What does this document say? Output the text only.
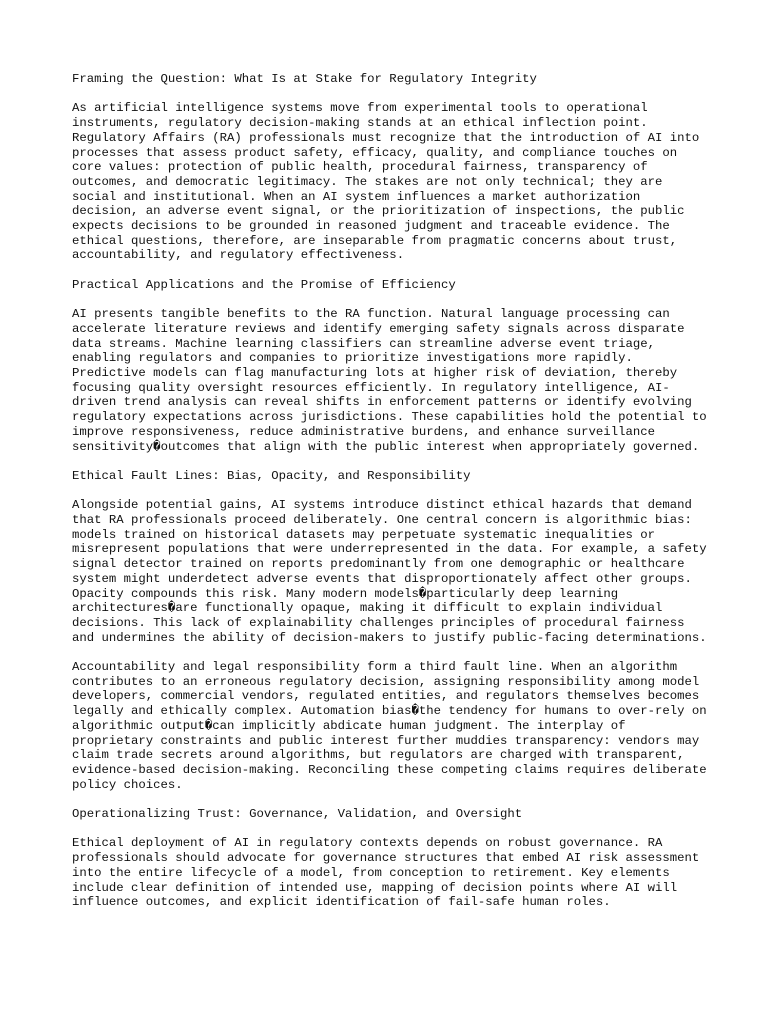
Framing the Question: What Is at Stake for Regulatory Integrity

As artificial intelligence systems move from experimental tools to operational instruments, regulatory decision-making stands at an ethical inflection point. Regulatory Affairs (RA) professionals must recognize that the introduction of AI into processes that assess product safety, efficacy, quality, and compliance touches on core values: protection of public health, procedural fairness, transparency of outcomes, and democratic legitimacy. The stakes are not only technical; they are social and institutional. When an AI system influences a market authorization decision, an adverse event signal, or the prioritization of inspections, the public expects decisions to be grounded in reasoned judgment and traceable evidence. The ethical questions, therefore, are inseparable from pragmatic concerns about trust, accountability, and regulatory effectiveness.

Practical Applications and the Promise of Efficiency

AI presents tangible benefits to the RA function. Natural language processing can accelerate literature reviews and identify emerging safety signals across disparate data streams. Machine learning classifiers can streamline adverse event triage, enabling regulators and companies to prioritize investigations more rapidly. Predictive models can flag manufacturing lots at higher risk of deviation, thereby focusing quality oversight resources efficiently. In regulatory intelligence, AI-driven trend analysis can reveal shifts in enforcement patterns or identify evolving regulatory expectations across jurisdictions. These capabilities hold the potential to improve responsiveness, reduce administrative burdens, and enhance surveillance sensitivity�outcomes that align with the public interest when appropriately governed.

Ethical Fault Lines: Bias, Opacity, and Responsibility

Alongside potential gains, AI systems introduce distinct ethical hazards that demand that RA professionals proceed deliberately. One central concern is algorithmic bias: models trained on historical datasets may perpetuate systematic inequalities or misrepresent populations that were underrepresented in the data. For example, a safety signal detector trained on reports predominantly from one demographic or healthcare system might underdetect adverse events that disproportionately affect other groups. Opacity compounds this risk. Many modern models�particularly deep learning architectures�are functionally opaque, making it difficult to explain individual decisions. This lack of explainability challenges principles of procedural fairness and undermines the ability of decision-makers to justify public-facing determinations.

Accountability and legal responsibility form a third fault line. When an algorithm contributes to an erroneous regulatory decision, assigning responsibility among model developers, commercial vendors, regulated entities, and regulators themselves becomes legally and ethically complex. Automation bias�the tendency for humans to over-rely on algorithmic output�can implicitly abdicate human judgment. The interplay of proprietary constraints and public interest further muddies transparency: vendors may claim trade secrets around algorithms, but regulators are charged with transparent, evidence-based decision-making. Reconciling these competing claims requires deliberate policy choices.

Operationalizing Trust: Governance, Validation, and Oversight

Ethical deployment of AI in regulatory contexts depends on robust governance. RA professionals should advocate for governance structures that embed AI risk assessment into the entire lifecycle of a model, from conception to retirement. Key elements include clear definition of intended use, mapping of decision points where AI will influence outcomes, and explicit identification of fail-safe human roles.
